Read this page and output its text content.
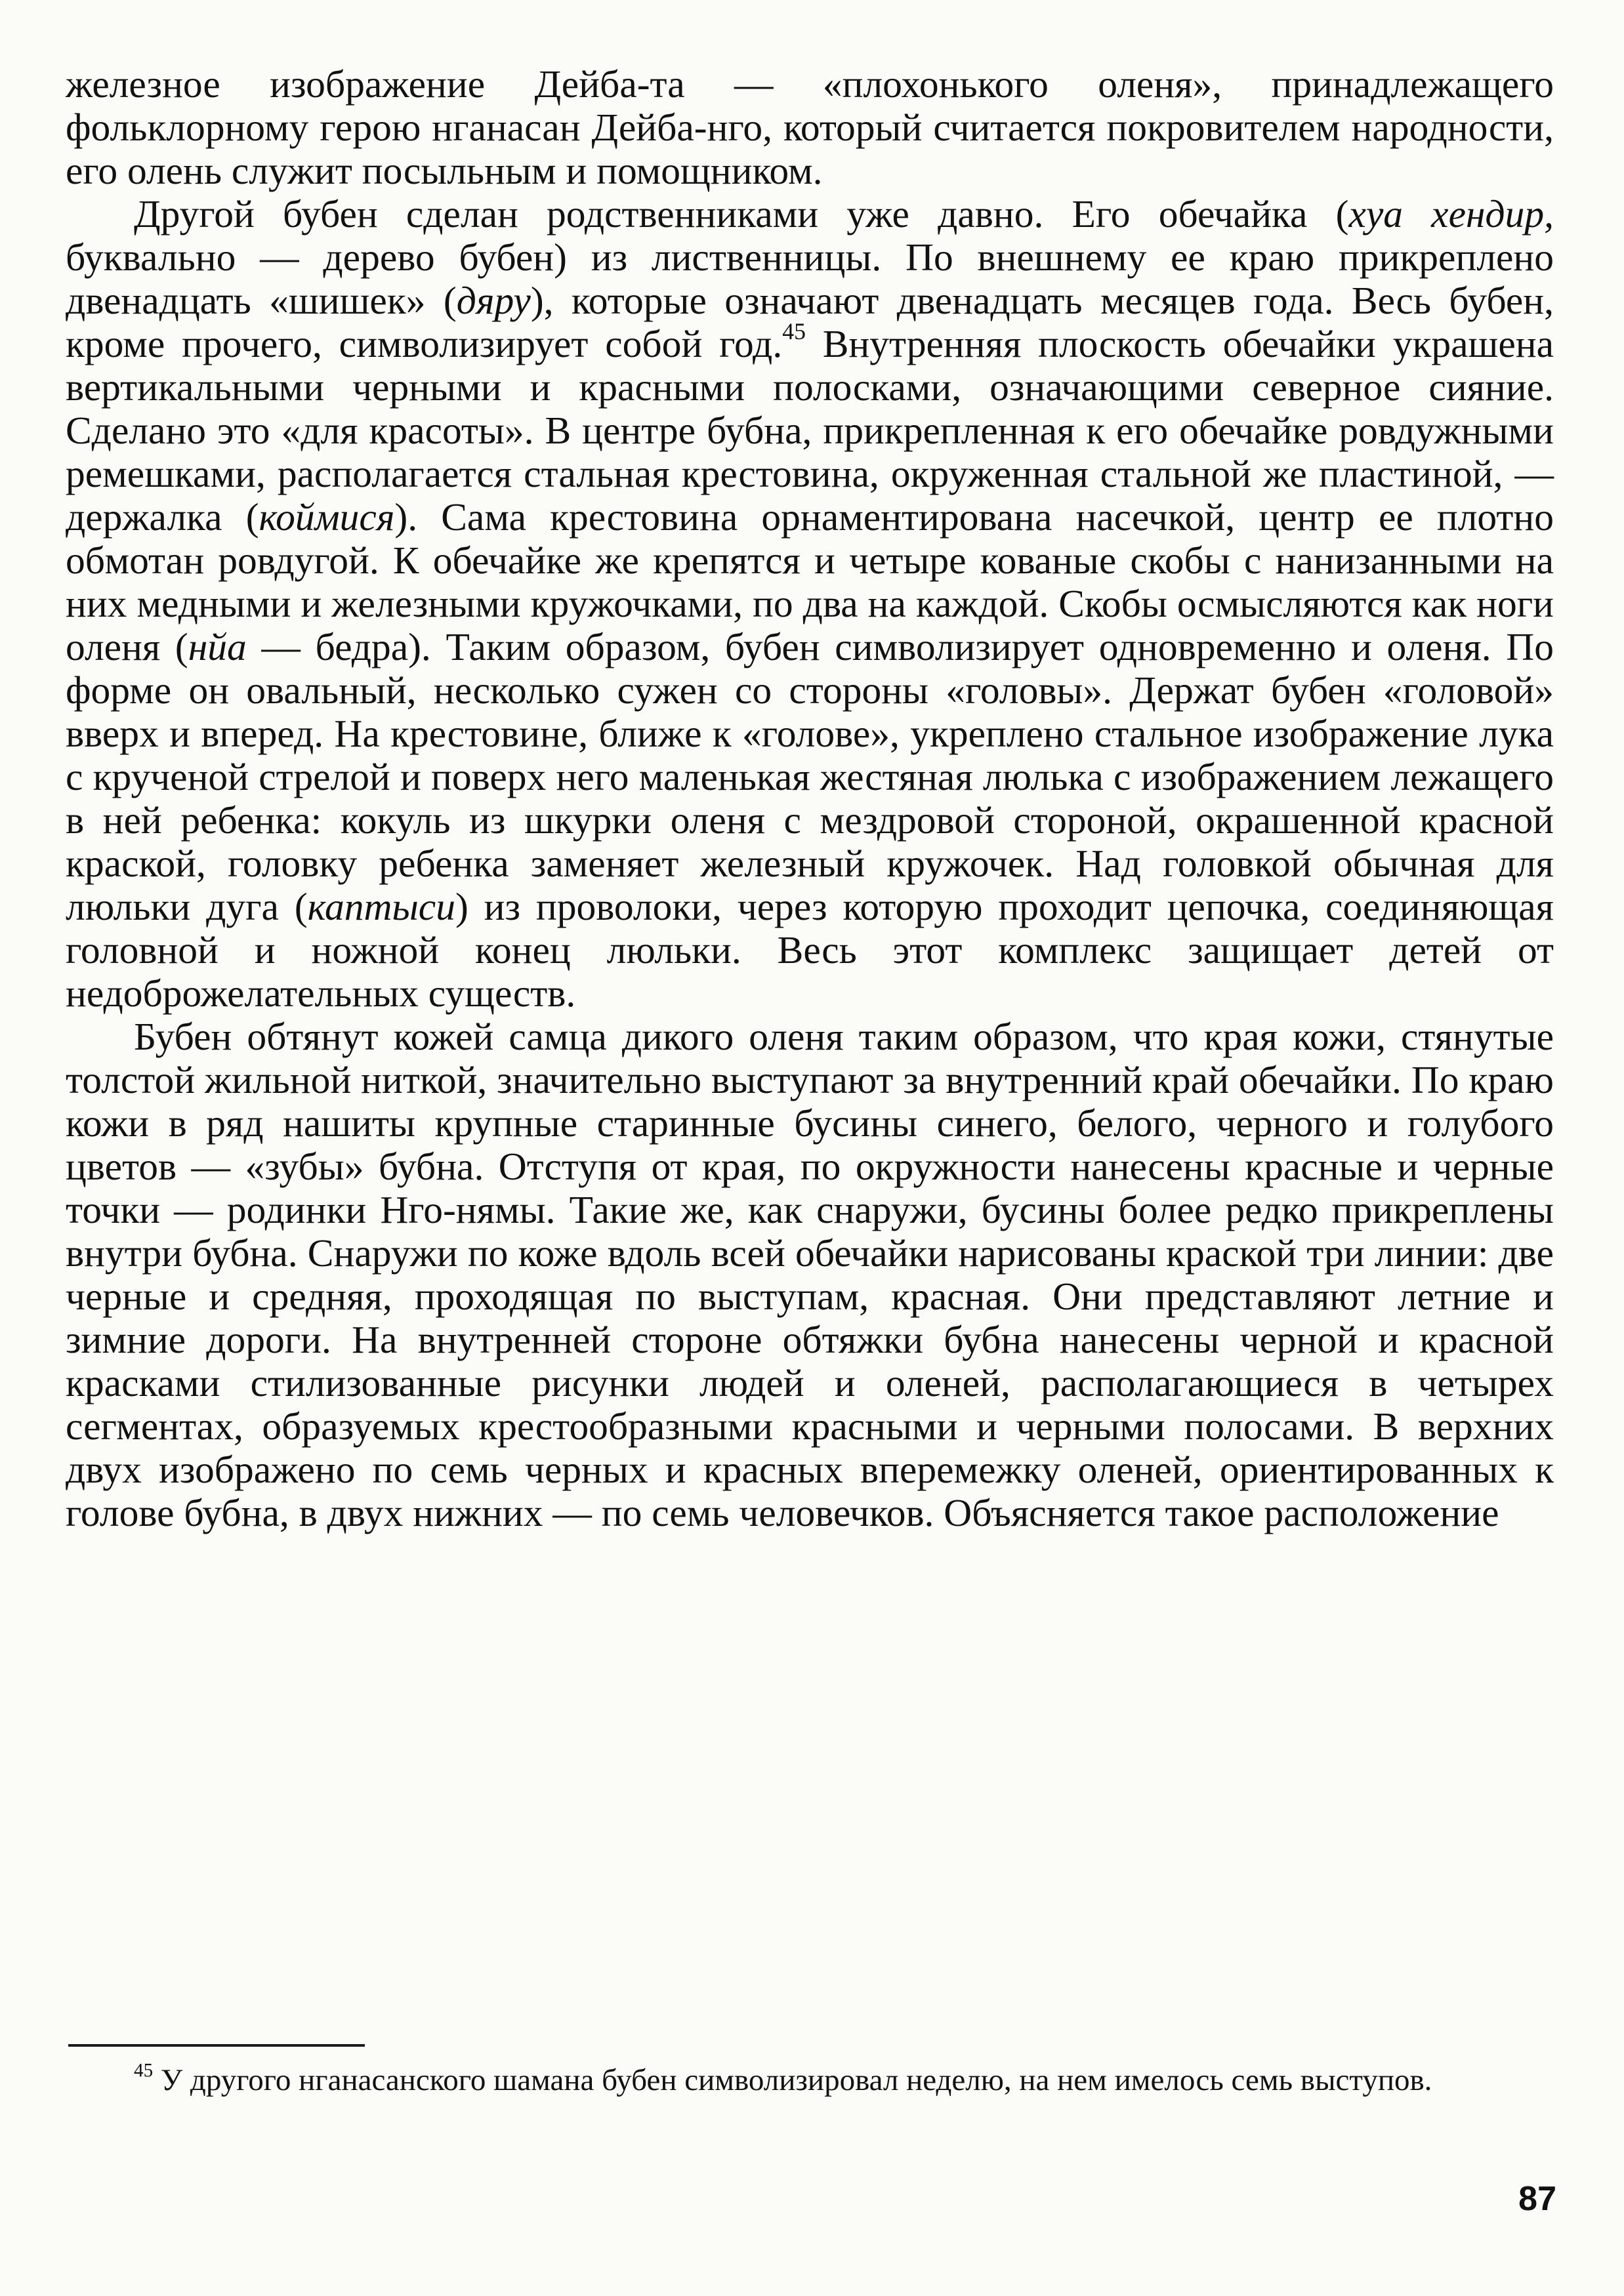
железное изображение Дейба-та — «плохонького оленя», принадлежащего фольклорному герою нганасан Дейба-нго, который считается покровителем народности, его олень служит посыльным и помощником.

Другой бубен сделан родственниками уже давно. Его обечайка (хуа хендир, буквально — дерево бубен) из лиственницы. По внешнему ее краю прикреплено двенадцать «шишек» (дяру), которые означают двенадцать месяцев года. Весь бубен, кроме прочего, символизирует собой год.$^{45}$ Внутренняя плоскость обечайки украшена вертикальными черными и красными полосками, означающими северное сияние. Сделано это «для красоты». В центре бубна, прикрепленная к его обечайке ровдужными ремешками, располагается стальная крестовина, окруженная стальной же пластиной, — держалка (коймися). Сама крестовина орнаментирована насечкой, центр ее плотно обмотан ровдугой. К обечайке же крепятся и четыре кованые скобы с нанизанными на них медными и железными кружочками, по два на каждой. Скобы осмысляются как ноги оленя (нйа — бедра). Таким образом, бубен символизирует одновременно и оленя. По форме он овальный, несколько сужен со стороны «головы». Держат бубен «головой» вверх и вперед. На крестовине, ближе к «голове», укреплено стальное изображение лука с крученой стрелой и поверх него маленькая жестяная люлька с изображением лежащего в ней ребенка: кокуль из шкурки оленя с мездровой стороной, окрашенной красной краской, головку ребенка заменяет железный кружочек. Над головкой обычная для люльки дуга (каптыси) из проволоки, через которую проходит цепочка, соединяющая головной и ножной конец люльки. Весь этот комплекс защищает детей от недоброжелательных существ.

Бубен обтянут кожей самца дикого оленя таким образом, что края кожи, стянутые толстой жильной ниткой, значительно выступают за внутренний край обечайки. По краю кожи в ряд нашиты крупные старинные бусины синего, белого, черного и голубого цветов — «зубы» бубна. Отступя от края, по окружности нанесены красные и черные точки — родинки Нго-нямы. Такие же, как снаружи, бусины более редко прикреплены внутри бубна. Снаружи по коже вдоль всей обечайки нарисованы краской три линии: две черные и средняя, проходящая по выступам, красная. Они представляют летние и зимние дороги. На внутренней стороне обтяжки бубна нанесены черной и красной красками стилизованные рисунки людей и оленей, располагающиеся в четырех сегментах, образуемых крестообразными красными и черными полосами. В верхних двух изображено по семь черных и красных вперемежку оленей, ориентированных к голове бубна, в двух нижних — по семь человечков. Объясняется такое расположение

$^{45}$ У другого нганасанского шамана бубен символизировал неделю, на нем имелось семь выступов.
87
